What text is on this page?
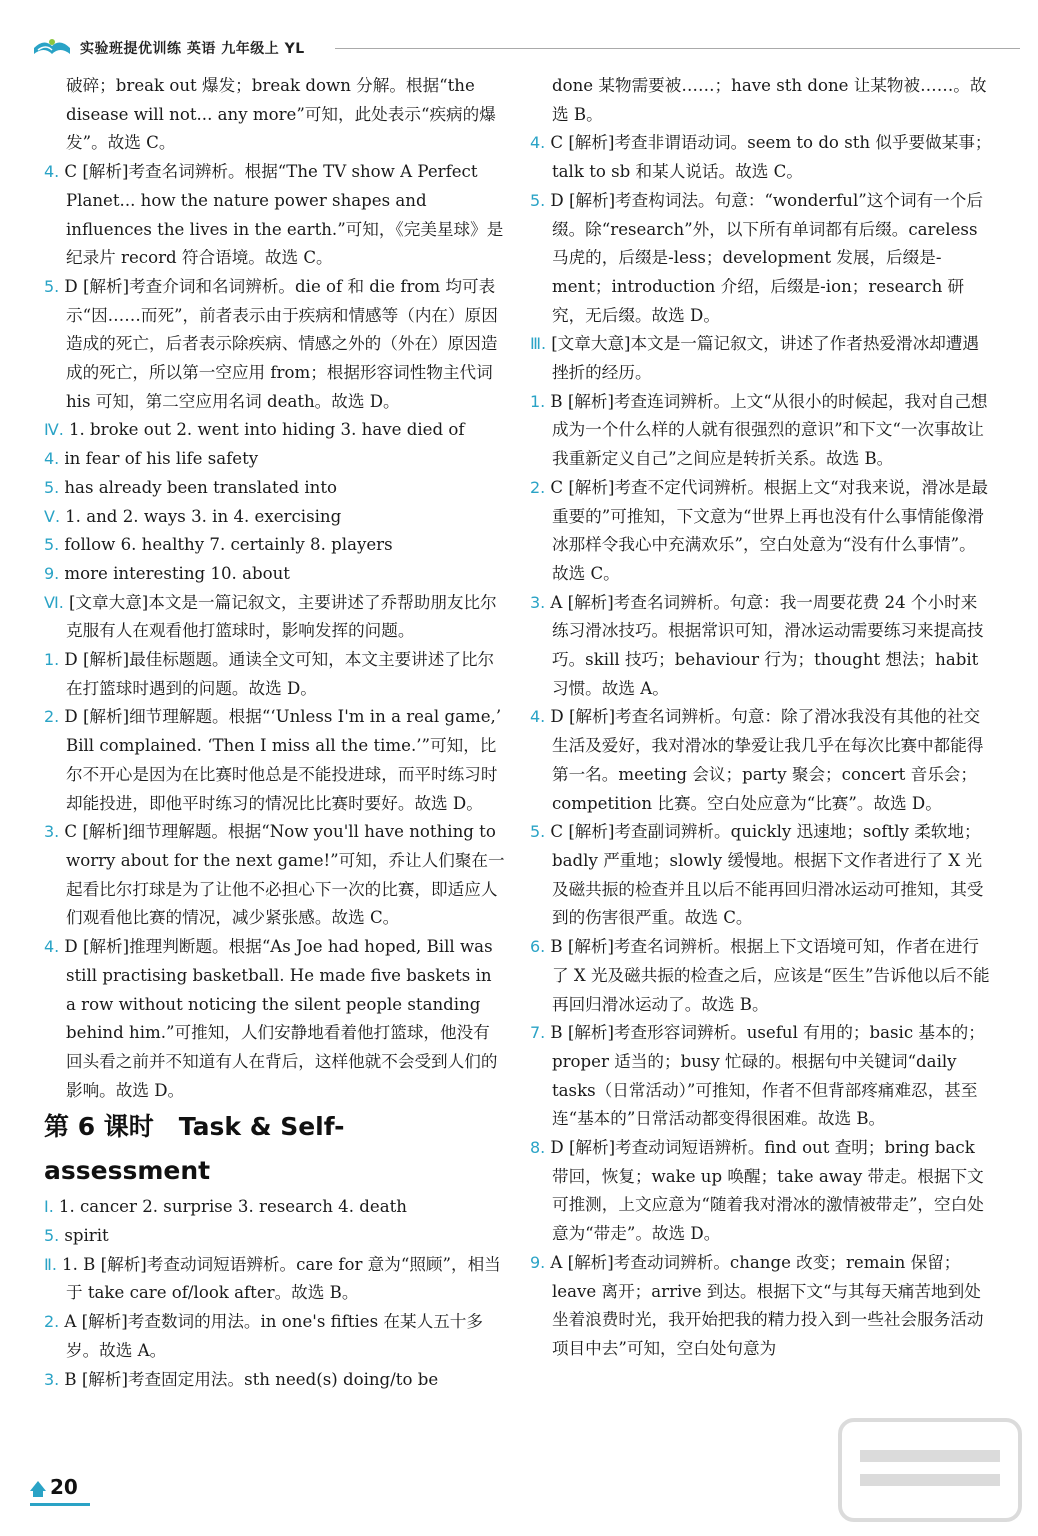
实验班提优训练 英语 九年级上 YL

破碎；break out 爆发；break down 分解。根据“the disease will not... any more”可知，此处表示“疾病的爆发”。故选 C。

4. C [解析]考查名词辨析。根据“The TV show A Perfect Planet... how the nature power shapes and influences the lives in the earth.”可知，《完美星球》是纪录片 record 符合语境。故选 C。

5. D [解析]考查介词和名词辨析。die of 和 die from 均可表示“因……而死”，前者表示由于疾病和情感等（内在）原因造成的死亡，后者表示除疾病、情感之外的（外在）原因造成的死亡，所以第一空应用 from；根据形容词性物主代词 his 可知，第二空应用名词 death。故选 D。

Ⅳ. 1. broke out 2. went into hiding 3. have died of

4. in fear of his life safety

5. has already been translated into

Ⅴ. 1. and 2. ways 3. in 4. exercising

5. follow 6. healthy 7. certainly 8. players

9. more interesting 10. about

Ⅵ. [文章大意]本文是一篇记叙文，主要讲述了乔帮助朋友比尔克服有人在观看他打篮球时，影响发挥的问题。

1. D [解析]最佳标题题。通读全文可知，本文主要讲述了比尔在打篮球时遇到的问题。故选 D。

2. D [解析]细节理解题。根据“‘Unless I'm in a real game,’ Bill complained. ‘Then I miss all the time.’”可知，比尔不开心是因为在比赛时他总是不能投进球，而平时练习时却能投进，即他平时练习的情况比比赛时要好。故选 D。

3. C [解析]细节理解题。根据“Now you'll have nothing to worry about for the next game!”可知，乔让人们聚在一起看比尔打球是为了让他不必担心下一次的比赛，即适应人们观看他比赛的情况，减少紧张感。故选 C。

4. D [解析]推理判断题。根据“As Joe had hoped, Bill was still practising basketball. He made five baskets in a row without noticing the silent people standing behind him.”可推知，人们安静地看着他打篮球，他没有回头看之前并不知道有人在背后，这样他就不会受到人们的影响。故选 D。

第 6 课时　Task & Self-assessment

Ⅰ. 1. cancer 2. surprise 3. research 4. death

5. spirit

Ⅱ. 1. B [解析]考查动词短语辨析。care for 意为“照顾”，相当于 take care of/look after。故选 B。

2. A [解析]考查数词的用法。in one's fifties 在某人五十多岁。故选 A。

3. B [解析]考查固定用法。sth need(s) doing/to be

done 某物需要被……；have sth done 让某物被……。故选 B。

4. C [解析]考查非谓语动词。seem to do sth 似乎要做某事；talk to sb 和某人说话。故选 C。

5. D [解析]考查构词法。句意：“wonderful”这个词有一个后缀。除“research”外，以下所有单词都有后缀。careless 马虎的，后缀是-less；development 发展，后缀是-ment；introduction 介绍，后缀是-ion；research 研究，无后缀。故选 D。

Ⅲ. [文章大意]本文是一篇记叙文，讲述了作者热爱滑冰却遭遇挫折的经历。

1. B [解析]考查连词辨析。上文“从很小的时候起，我对自己想成为一个什么样的人就有很强烈的意识”和下文“一次事故让我重新定义自己”之间应是转折关系。故选 B。

2. C [解析]考查不定代词辨析。根据上文“对我来说，滑冰是最重要的”可推知，下文意为“世界上再也没有什么事情能像滑冰那样令我心中充满欢乐”，空白处意为“没有什么事情”。故选 C。

3. A [解析]考查名词辨析。句意：我一周要花费 24 个小时来练习滑冰技巧。根据常识可知，滑冰运动需要练习来提高技巧。skill 技巧；behaviour 行为；thought 想法；habit 习惯。故选 A。

4. D [解析]考查名词辨析。句意：除了滑冰我没有其他的社交生活及爱好，我对滑冰的挚爱让我几乎在每次比赛中都能得第一名。meeting 会议；party 聚会；concert 音乐会；competition 比赛。空白处应意为“比赛”。故选 D。

5. C [解析]考查副词辨析。quickly 迅速地；softly 柔软地；badly 严重地；slowly 缓慢地。根据下文作者进行了 X 光及磁共振的检查并且以后不能再回归滑冰运动可推知，其受到的伤害很严重。故选 C。

6. B [解析]考查名词辨析。根据上下文语境可知，作者在进行了 X 光及磁共振的检查之后，应该是“医生”告诉他以后不能再回归滑冰运动了。故选 B。

7. B [解析]考查形容词辨析。useful 有用的；basic 基本的；proper 适当的；busy 忙碌的。根据句中关键词“daily tasks（日常活动）”可推知，作者不但背部疼痛难忍，甚至连“基本的”日常活动都变得很困难。故选 B。

8. D [解析]考查动词短语辨析。find out 查明；bring back 带回，恢复；wake up 唤醒；take away 带走。根据下文可推测，上文应意为“随着我对滑冰的激情被带走”，空白处意为“带走”。故选 D。

9. A [解析]考查动词辨析。change 改变；remain 保留；leave 离开；arrive 到达。根据下文“与其每天痛苦地到处坐着浪费时光，我开始把我的精力投入到一些社会服务活动项目中去”可知，空白处句意为

20
